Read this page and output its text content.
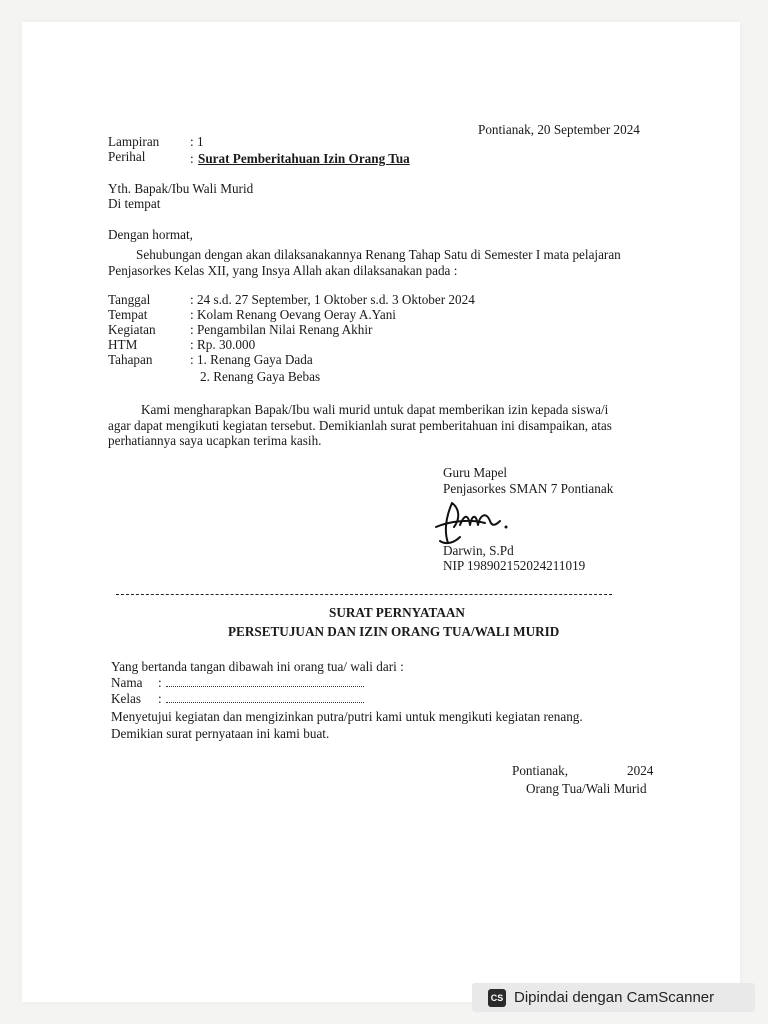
Pontianak, 20 September 2024
Lampiran : 1
Perihal	: Surat Pemberitahuan Izin Orang Tua
Yth. Bapak/Ibu Wali Murid
Di tempat
Dengan hormat,
Sehubungan dengan akan dilaksanakannya Renang Tahap Satu di Semester I mata pelajaran
Penjasorkes Kelas XII, yang Insya Allah akan dilaksanakan pada :
Tanggal	: 24 s.d. 27 September, 1 Oktober s.d. 3 Oktober 2024
Tempat	: Kolam Renang Oevang Oeray A.Yani
Kegiatan	: Pengambilan Nilai Renang Akhir
HTM	: Rp. 30.000
Tahapan	: 1. Renang Gaya Dada
2. Renang Gaya Bebas
Kami mengharapkan Bapak/Ibu wali murid untuk dapat memberikan izin kepada siswa/i
agar dapat mengikuti kegiatan tersebut. Demikianlah surat pemberitahuan ini disampaikan, atas
perhatiannya saya ucapkan terima kasih.
Guru Mapel
Penjasorkes SMAN 7 Pontianak
Darwin, S.Pd
NIP 198902152024211019
SURAT PERNYATAAN
PERSETUJUAN DAN IZIN ORANG TUA/WALI MURID
Yang bertanda tangan dibawah ini orang tua/ wali dari :
Nama :
Kelas :
Menyetujui kegiatan dan mengizinkan putra/putri kami untuk mengikuti kegiatan renang.
Demikian surat pernyataan ini kami buat.
Pontianak,	2024
Orang Tua/Wali Murid
CS Dipindai dengan CamScanner
